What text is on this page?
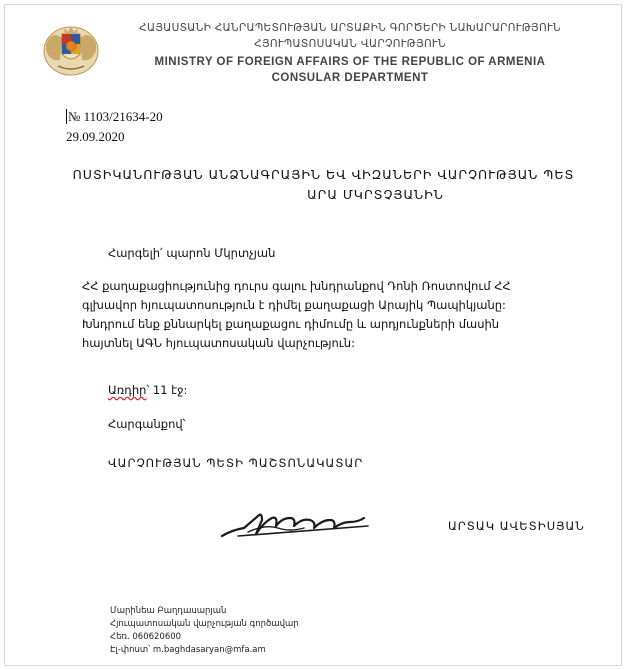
ՀԱՅԱՍՏԱՆԻ ՀԱՆՐԱՊԵՏՈՒԹՅԱՆ ԱՐՏԱՔԻՆ ԳՈՐԾԵՐԻ ՆԱԽԱՐԱՐՈՒԹՅՈՒՆ
ՀՅՈՒՊԱՏՈՍԱԿԱՆ ՎԱՐՉՈՒԹՅՈՒՆ
MINISTRY OF FOREIGN AFFAIRS OF THE REPUBLIC OF ARMENIA
CONSULAR DEPARTMENT
№ 1103/21634-20
29.09.2020
ՈՍՏԻԿԱՆՈՒԹՅԱՆ ԱՆՁՆԱԳՐԱՅԻՆ ԵՎ ՎԻԶԱՆԵՐԻ ՎԱՐՉՈՒԹՅԱՆ ՊԵՏ
ԱՐԱ ՄԿՐՏՉՅԱՆԻՆ
Հարգելի՛ պարոն Մկրտչյան
ՀՀ քաղաքացիությունից դուրս գալու խնդրանքով Դոնի Ռոստովում ՀՀ
գլխավոր հյուպատոսություն է դիմել քաղաքացի Արայիկ Պապիկյանը:
Խնդրում ենք քննարկել քաղաքացու դիմումը և արդյունքների մասին
հայտնել ԱԳՆ հյուպատոսական վարչություն:
Առդիր՝ 11 էջ:
Հարգանքով՝
ՎԱՐՉՈՒԹՅԱՆ ՊԵՏԻ ՊԱՇՏՈՆԱԿԱՏԱՐ
ԱՐՏԱԿ ԱՎԵՏԻՍՅԱՆ
Մարինեա Բաղդասարյան
Հյուպատոսական վարչության գործավար
Հեռ. 060620600
Էլ-փոստ՝ m.baghdasaryan@mfa.am
